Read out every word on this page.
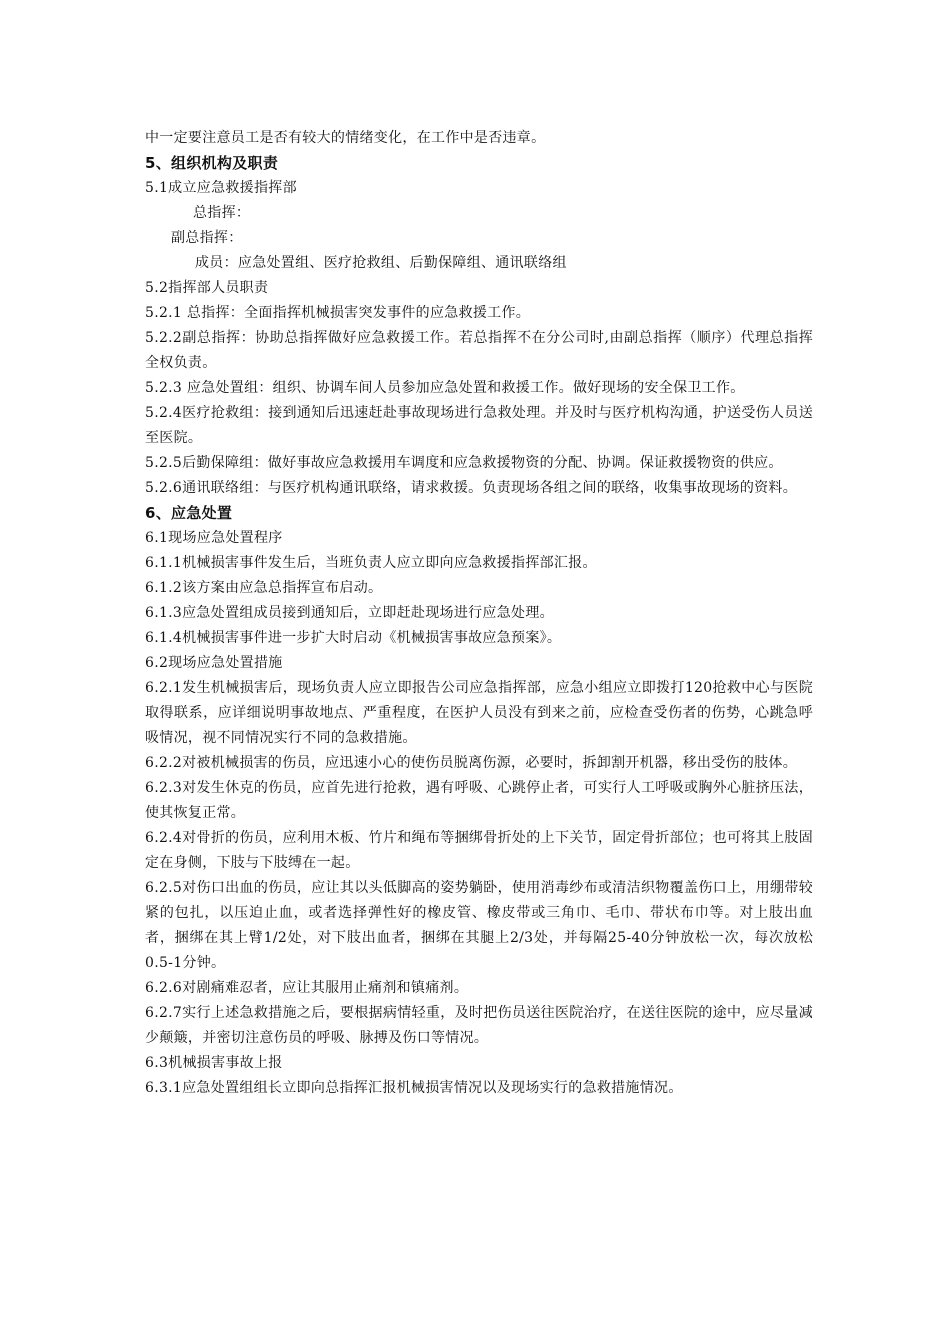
中一定要注意员工是否有较大的情绪变化，在工作中是否违章。
5、组织机构及职责
5.1成立应急救援指挥部
总指挥：
副总指挥：
成员：应急处置组、医疗抢救组、后勤保障组、通讯联络组
5.2指挥部人员职责
5.2.1 总指挥：全面指挥机械损害突发事件的应急救援工作。
5.2.2副总指挥：协助总指挥做好应急救援工作。若总指挥不在分公司时,由副总指挥（顺序）代理总指挥全权负责。
5.2.3 应急处置组：组织、协调车间人员参加应急处置和救援工作。做好现场的安全保卫工作。
5.2.4医疗抢救组：接到通知后迅速赶赴事故现场进行急救处理。并及时与医疗机构沟通，护送受伤人员送至医院。
5.2.5后勤保障组：做好事故应急救援用车调度和应急救援物资的分配、协调。保证救援物资的供应。
5.2.6通讯联络组：与医疗机构通讯联络，请求救援。负责现场各组之间的联络，收集事故现场的资料。
6、应急处置
6.1现场应急处置程序
6.1.1机械损害事件发生后，当班负责人应立即向应急救援指挥部汇报。
6.1.2该方案由应急总指挥宣布启动。
6.1.3应急处置组成员接到通知后，立即赶赴现场进行应急处理。
6.1.4机械损害事件进一步扩大时启动《机械损害事故应急预案》。
6.2现场应急处置措施
6.2.1发生机械损害后，现场负责人应立即报告公司应急指挥部，应急小组应立即拨打120抢救中心与医院取得联系，应详细说明事故地点、严重程度，在医护人员没有到来之前，应检查受伤者的伤势，心跳急呼吸情况，视不同情况实行不同的急救措施。
6.2.2对被机械损害的伤员，应迅速小心的使伤员脱离伤源，必要时，拆卸割开机器，移出受伤的肢体。
6.2.3对发生休克的伤员，应首先进行抢救，遇有呼吸、心跳停止者，可实行人工呼吸或胸外心脏挤压法，使其恢复正常。
6.2.4对骨折的伤员，应利用木板、竹片和绳布等捆绑骨折处的上下关节，固定骨折部位；也可将其上肢固定在身侧，下肢与下肢缚在一起。
6.2.5对伤口出血的伤员，应让其以头低脚高的姿势躺卧，使用消毒纱布或清洁织物覆盖伤口上，用绷带较紧的包扎，以压迫止血，或者选择弹性好的橡皮管、橡皮带或三角巾、毛巾、带状布巾等。对上肢出血者，捆绑在其上臂1/2处，对下肢出血者，捆绑在其腿上2/3处，并每隔25-40分钟放松一次，每次放松0.5-1分钟。
6.2.6对剧痛难忍者，应让其服用止痛剂和镇痛剂。
6.2.7实行上述急救措施之后，要根据病情轻重，及时把伤员送往医院治疗，在送往医院的途中，应尽量减少颠簸，并密切注意伤员的呼吸、脉搏及伤口等情况。
6.3机械损害事故上报
6.3.1应急处置组组长立即向总指挥汇报机械损害情况以及现场实行的急救措施情况。
